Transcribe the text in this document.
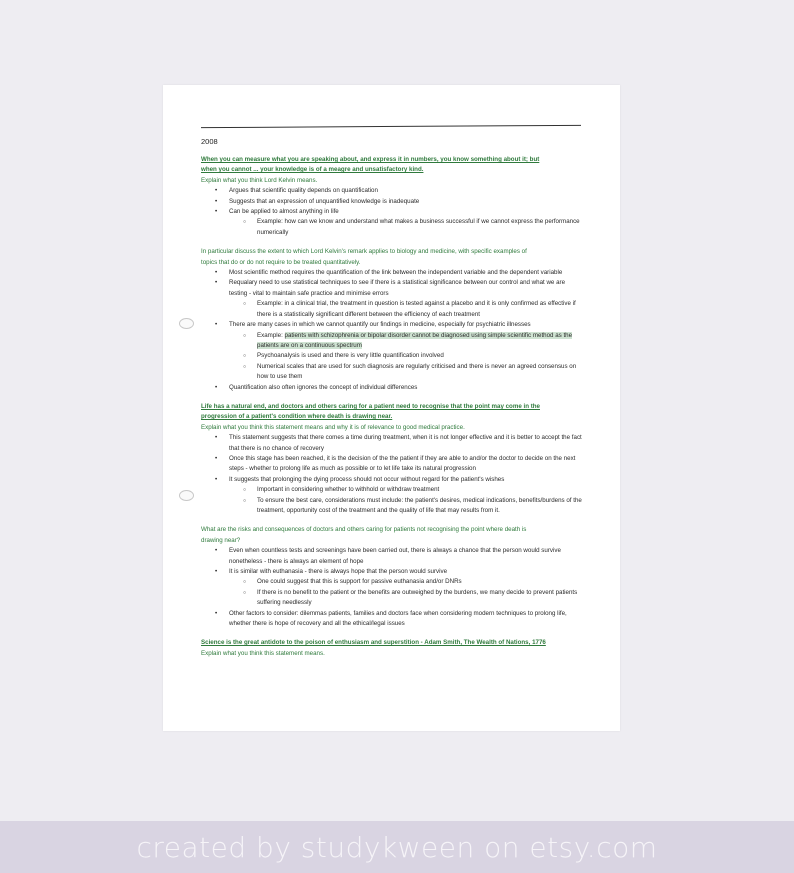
2008
When you can measure what you are speaking about, and express it in numbers, you know something about it; but
when you cannot ... your knowledge is of a meagre and unsatisfactory kind.
Explain what you think Lord Kelvin means.
• Argues that scientific quality depends on quantification
• Suggests that an expression of unquantified knowledge is inadequate
• Can be applied to almost anything in life
○ Example: how can we know and understand what makes a business successful if we cannot express the performance numerically
In particular discuss the extent to which Lord Kelvin's remark applies to biology and medicine, with specific examples of
topics that do or do not require to be treated quantitatively.
• Most scientific method requires the quantification of the link between the independent variable and the dependent variable
• Requalary need to use statistical techniques to see if there is a statistical significance between our control and what we are testing - vital to maintain safe practice and minimise errors
○ Example: in a clinical trial, the treatment in question is tested against a placebo and it is only confirmed as effective if there is a statistically significant different between the efficiency of each treatment
• There are many cases in which we cannot quantify our findings in medicine, especially for psychiatric illnesses
○ Example: patients with schizophrenia or bipolar disorder cannot be diagnosed using simple scientific method as the patients are on a continuous spectrum
○ Psychoanalysis is used and there is very little quantification involved
○ Numerical scales that are used for such diagnosis are regularly criticised and there is never an agreed consensus on how to use them
• Quantification also often ignores the concept of individual differences
Life has a natural end, and doctors and others caring for a patient need to recognise that the point may come in the
progression of a patient's condition where death is drawing near.
Explain what you think this statement means and why it is of relevance to good medical practice.
• This statement suggests that there comes a time during treatment, when it is not longer effective and it is better to accept the fact that there is no chance of recovery
• Once this stage has been reached, it is the decision of the the patient if they are able to and/or the doctor to decide on the next steps - whether to prolong life as much as possible or to let life take its natural progression
• It suggests that prolonging the dying process should not occur without regard for the patient's wishes
○ Important in considering whether to withhold or withdraw treatment
○ To ensure the best care, considerations must include: the patient's desires, medical indications, benefits/burdens of the treatment, opportunity cost of the treatment and the quality of life that may results from it.
What are the risks and consequences of doctors and others caring for patients not recognising the point where death is
drawing near?
• Even when countless tests and screenings have been carried out, there is always a chance that the person would survive nonetheless - there is always an element of hope
• It is similar with euthanasia - there is always hope that the person would survive
○ One could suggest that this is support for passive euthanasia and/or DNRs
○ If there is no benefit to the patient or the benefits are outweighed by the burdens, we many decide to prevent patients suffering needlessly
• Other factors to consider: dilemmas patients, families and doctors face when considering modern techniques to prolong life, whether there is hope of recovery and all the ethical/legal issues
Science is the great antidote to the poison of enthusiasm and superstition - Adam Smith, The Wealth of Nations, 1776
Explain what you think this statement means.
created by studykween on etsy.com
